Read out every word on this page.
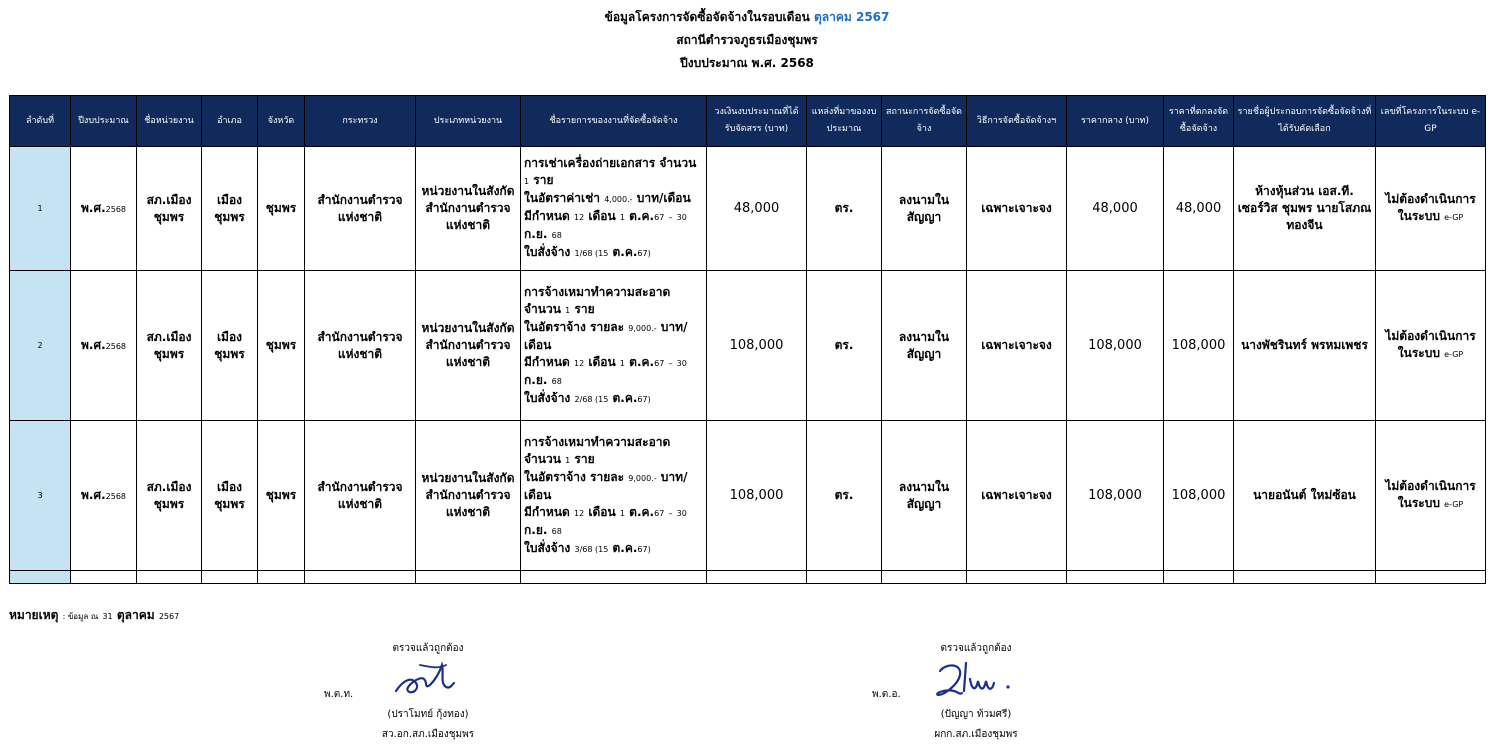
ข้อมูลโครงการจัดซื้อจัดจ้างในรอบเดือน ตุลาคม 2567
สถานีตำรวจภูธรเมืองชุมพร
ปีงบประมาณ พ.ศ. 2568
ลำดับที่	ปีงบประมาณ	ชื่อหน่วยงาน	อำเภอ	จังหวัด	กระทรวง	ประเภทหน่วยงาน	ชื่อรายการของงานที่จัดซื้อจัดจ้าง	วงเงินงบประมาณที่ได้รับจัดสรร (บาท)	แหล่งที่มาของงบประมาณ	สถานะการจัดซื้อจัดจ้าง	วิธีการจัดซื้อจัดจ้างฯ	ราคากลาง (บาท)	ราคาที่ตกลงจัดซื้อจัดจ้าง	รายชื่อผู้ประกอบการจัดซื้อจัดจ้างที่ได้รับคัดเลือก	เลขที่โครงการในระบบ e-GP
1	พ.ศ.2568	สภ.เมืองชุมพร	เมืองชุมพร	ชุมพร	สำนักงานตำรวจแห่งชาติ	หน่วยงานในสังกัดสำนักงานตำรวจแห่งชาติ	การเช่าเครื่องถ่ายเอกสาร จำนวน 1 ราย
ในอัตราค่าเช่า 4,000.- บาท/เดือน
มีกำหนด 12 เดือน 1 ต.ค.67 – 30 ก.ย. 68
ใบสั่งจ้าง 1/68 (15 ต.ค.67)	48,000	ตร.	ลงนามในสัญญา	เฉพาะเจาะจง	48,000	48,000	ห้างหุ้นส่วน เอส.ที. เซอร์วิส ชุมพร นายโสภณ ทองจีน	ไม่ต้องดำเนินการในระบบ e-GP
2	พ.ศ.2568	สภ.เมืองชุมพร	เมืองชุมพร	ชุมพร	สำนักงานตำรวจแห่งชาติ	หน่วยงานในสังกัดสำนักงานตำรวจแห่งชาติ	การจ้างเหมาทำความสะอาด จำนวน 1 ราย
ในอัตราจ้าง รายละ 9,000.- บาท/เดือน
มีกำหนด 12 เดือน 1 ต.ค.67 – 30 ก.ย. 68
ใบสั่งจ้าง 2/68 (15 ต.ค.67)	108,000	ตร.	ลงนามในสัญญา	เฉพาะเจาะจง	108,000	108,000	นางพัชรินทร์ พรหมเพชร	ไม่ต้องดำเนินการในระบบ e-GP
3	พ.ศ.2568	สภ.เมืองชุมพร	เมืองชุมพร	ชุมพร	สำนักงานตำรวจแห่งชาติ	หน่วยงานในสังกัดสำนักงานตำรวจแห่งชาติ	การจ้างเหมาทำความสะอาด จำนวน 1 ราย
ในอัตราจ้าง รายละ 9,000.- บาท/เดือน
มีกำหนด 12 เดือน 1 ต.ค.67 – 30 ก.ย. 68
ใบสั่งจ้าง 3/68 (15 ต.ค.67)	108,000	ตร.	ลงนามในสัญญา	เฉพาะเจาะจง	108,000	108,000	นายอนันต์ ใหม่ซ้อน	ไม่ต้องดำเนินการในระบบ e-GP

หมายเหตุ : ข้อมูล ณ 31 ตุลาคม 2567
ตรวจแล้วถูกต้อง
พ.ต.ท.
(ปราโมทย์ กุ้งทอง)
สว.อก.สภ.เมืองชุมพร
ตรวจแล้วถูกต้อง
พ.ต.อ.
(ปัญญา ท้วมศรี)
ผกก.สภ.เมืองชุมพร
